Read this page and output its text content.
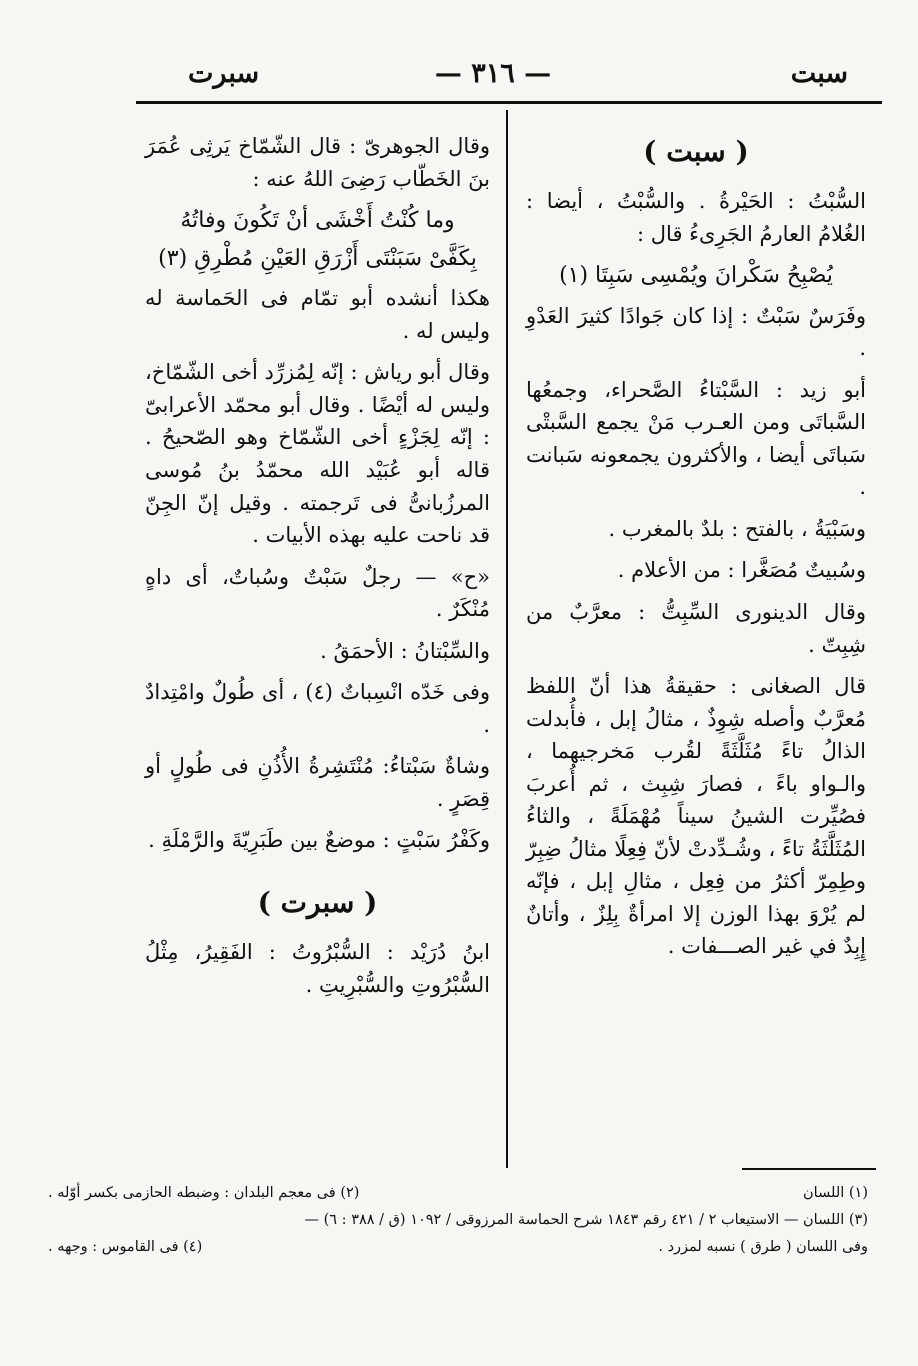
سبت
— ٣١٦ —
سبرت
( سبت )

السُّبْتُ : الحَيْرةُ . والسُّبْتُ ، أيضا : الغُلامُ العارمُ الجَرِىءُ قال :

يُصْبِحُ سَكْرانَ ويُمْسِى سَبِتَا (١)

وفَرَسٌ سَبْتٌ : إذا كان جَوادًا كثيرَ العَدْوِ .

أبو زيد : السَّبْتاءُ الصَّحراء، وجمعُها السَّباتَى ومن العـرب مَنْ يجمع السَّبتْى سَباتَى أيضا ، والأكثرون يجمعونه سَبانت .

وسَبْيَةُ ، بالفتح : بلدٌ بالمغرب .

وسُبيتٌ مُصَغَّرا : من الأعلام .

وقال الدينورى السِّبِتُّ : معرَّبٌ من شِبِتّ .

قال الصغانى : حقيقةُ هذا أنّ اللفظ مُعرَّبٌ وأصله شِوِذٌ ، مثالُ إبل ، فأُبدلت الذالُ تاءً مُثَلَّثَةً لقُرب مَخرجيهما ، والـواو باءً ، فصارَ شِبِث ، ثم أُعربَ فصُيِّرت الشينُ سيناً مُهْمَلَةً ، والثاءُ المُثَلَّثَةُ تاءً ، وشُـدِّدتْ لأنّ فِعِلًا مثالُ ضِبِرّ وطِمِرّ أكثرُ من فِعِل ، مثالِ إبل ، فإنّه لم يُرْوَ بهذا الوزن إلا امرأةٌ بِلِزٌ ، وأتانٌ إِبِدٌ في غير الصـــفات .

وقال الجوهرىّ : قال الشّمّاخ يَرثِى عُمَرَ بنَ الخَطّاب رَضِىَ اللهُ عنه :

وما كُنْتُ أَخْشَى أنْ تَكُونَ وفاتُهُ

بِكَفَّىْ سَبَنْتَى أَزْرَقِ العَيْنِ مُطْرِقِ (٣)

هكذا أنشده أبو تمّام فى الحَماسة له وليس له .

وقال أبو رياش : إنّه لِمُزرِّد أخى الشّمّاخ، وليس له أيْضًا . وقال أبو محمّد الأعرابىّ : إنّه لِجَزْءٍ أخى الشّمّاخ وهو الصّحيحُ . قاله أبو عُبَيْد الله محمّدُ بنُ مُوسى المرزُبانىُّ فى تَرجمته . وقيل إنّ الجِنّ قد ناحت عليه بهذه الأبيات .

«ح» — رجلٌ سَبْتٌ وسُباتٌ، أى داهٍ مُنْكَرٌ .

والسِّبْتانُ : الأحمَقُ .

وفى خَدّه انْسِباتٌ (٤) ، أى طُولٌ وامْتِدادٌ .

وشاةٌ سَبْتاءُ: مُنْتَشِرةُ الأُذُنِ فى طُولٍ أو قِصَرٍ .

وكَفْرُ سَبْتٍ : موضعٌ بين طَبَرِيّةَ والرَّمْلَةِ .

( سبرت )

ابنُ دُرَيْد : السُّبْرُوتُ : الفَقِيرُ، مِثْلُ السُّبْرُوتِ والسُّبْرِيتِ .

(١) اللسان
(٢) فى معجم البلدان : وضبطه الحازمى بكسر أوّله .
(٣) اللسان — الاستيعاب ٢ / ٤٢١ رقم ١٨٤٣ شرح الحماسة المرزوقى / ١٠٩٢ (ق / ٣٨٨ : ٦) —
وفى اللسان ( طرق ) نسبه لمزرد .
(٤) فى القاموس : وجهه .
